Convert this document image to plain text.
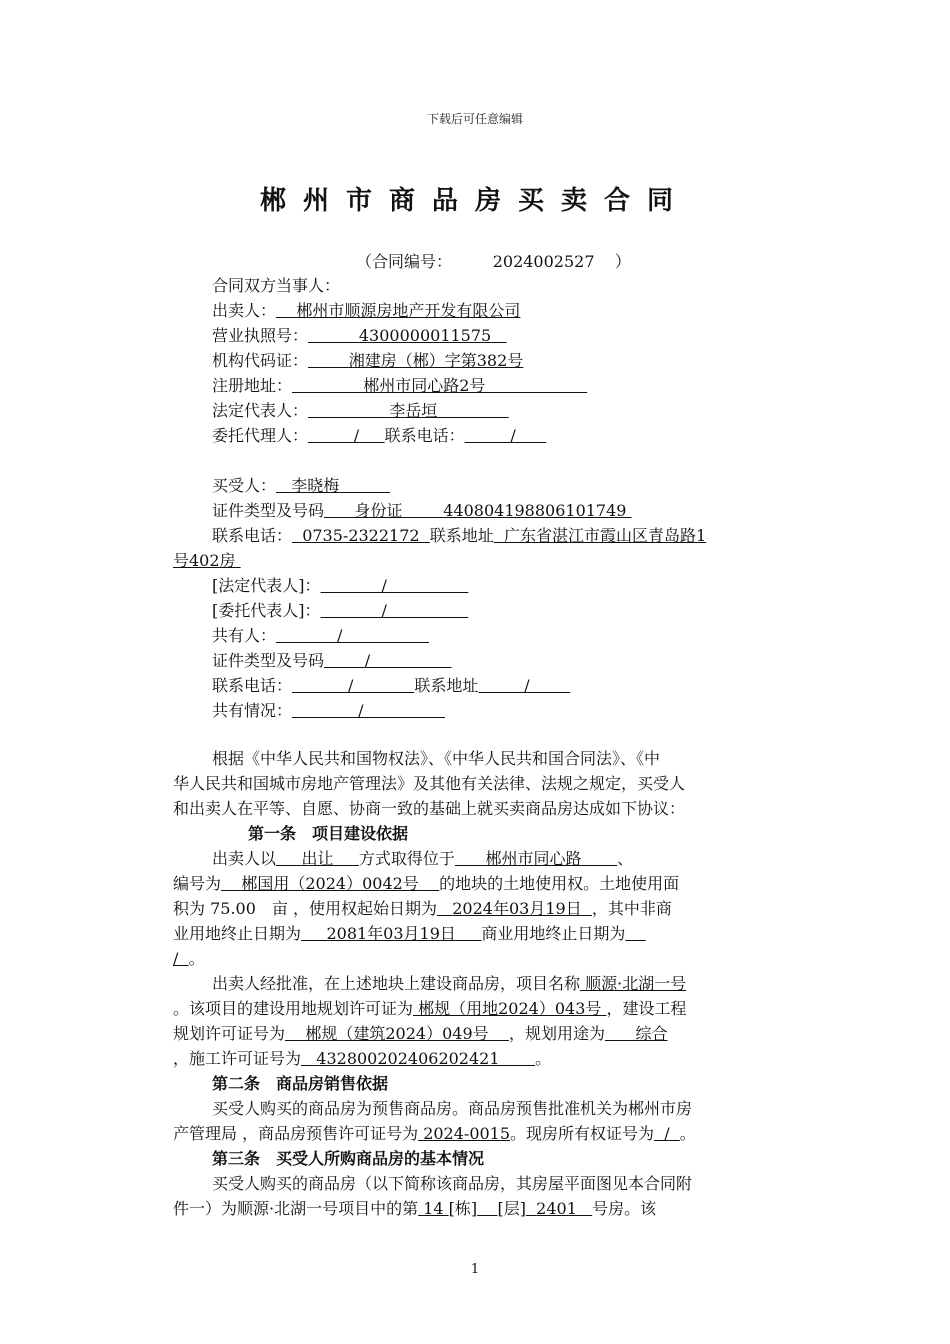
下载后可任意编辑
郴州市商品房买卖合同
（合同编号：	2024002527 ）
合同双方当事人：
出卖人： 郴州市顺源房地产开发有限公司
营业执照号：	4300000011575
机构代码证：	湘建房（郴）字第382号
注册地址：	郴州市同心路2号
法定代表人：	李岳垣
委托代理人：	/ 联系电话：	/
买受人： 李晓梅
证件类型及号码 身份证	440804198806101749
联系电话： 0735-2322172 联系地址 广东省湛江市霞山区青岛路1
号402房
[法定代表人]：	/
[委托代表人]：	/
共有人：	/
证件类型及号码	/
联系电话：	/	联系地址	/
共有情况：	/
根据《中华人民共和国物权法》、《中华人民共和国合同法》、《中
华人民共和国城市房地产管理法》及其他有关法律、法规之规定，买受人
和出卖人在平等、自愿、协商一致的基础上就买卖商品房达成如下协议：
第一条　项目建设依据
出卖人以 出让 方式取得位于 郴州市同心路 、
编号为 郴国用（2024）0042号 的地块的土地使用权。土地使用面
积为 75.00　亩 ，使用权起始日期为 2024年03月19日 ，其中非商
业用地终止日期为 2081年03月19日 商业用地终止日期为
/ 。
出卖人经批准，在上述地块上建设商品房，项目名称 顺源·北湖一号
。该项目的建设用地规划许可证为 郴规（用地2024）043号 ，建设工程
规划许可证号为 郴规（建筑2024）049号 ，规划用途为 综合
，施工许可证号为 432800202406202421 。
第二条　商品房销售依据
买受人购买的商品房为预售商品房。商品房预售批准机关为郴州市房
产管理局 ，商品房预售许可证号为 2024-0015。现房所有权证号为 / 。
第三条　买受人所购商品房的基本情况
买受人购买的商品房（以下简称该商品房，其房屋平面图见本合同附
件一）为顺源·北湖一号项目中的第 14 [栋] [层] 2401 号房。该
1
